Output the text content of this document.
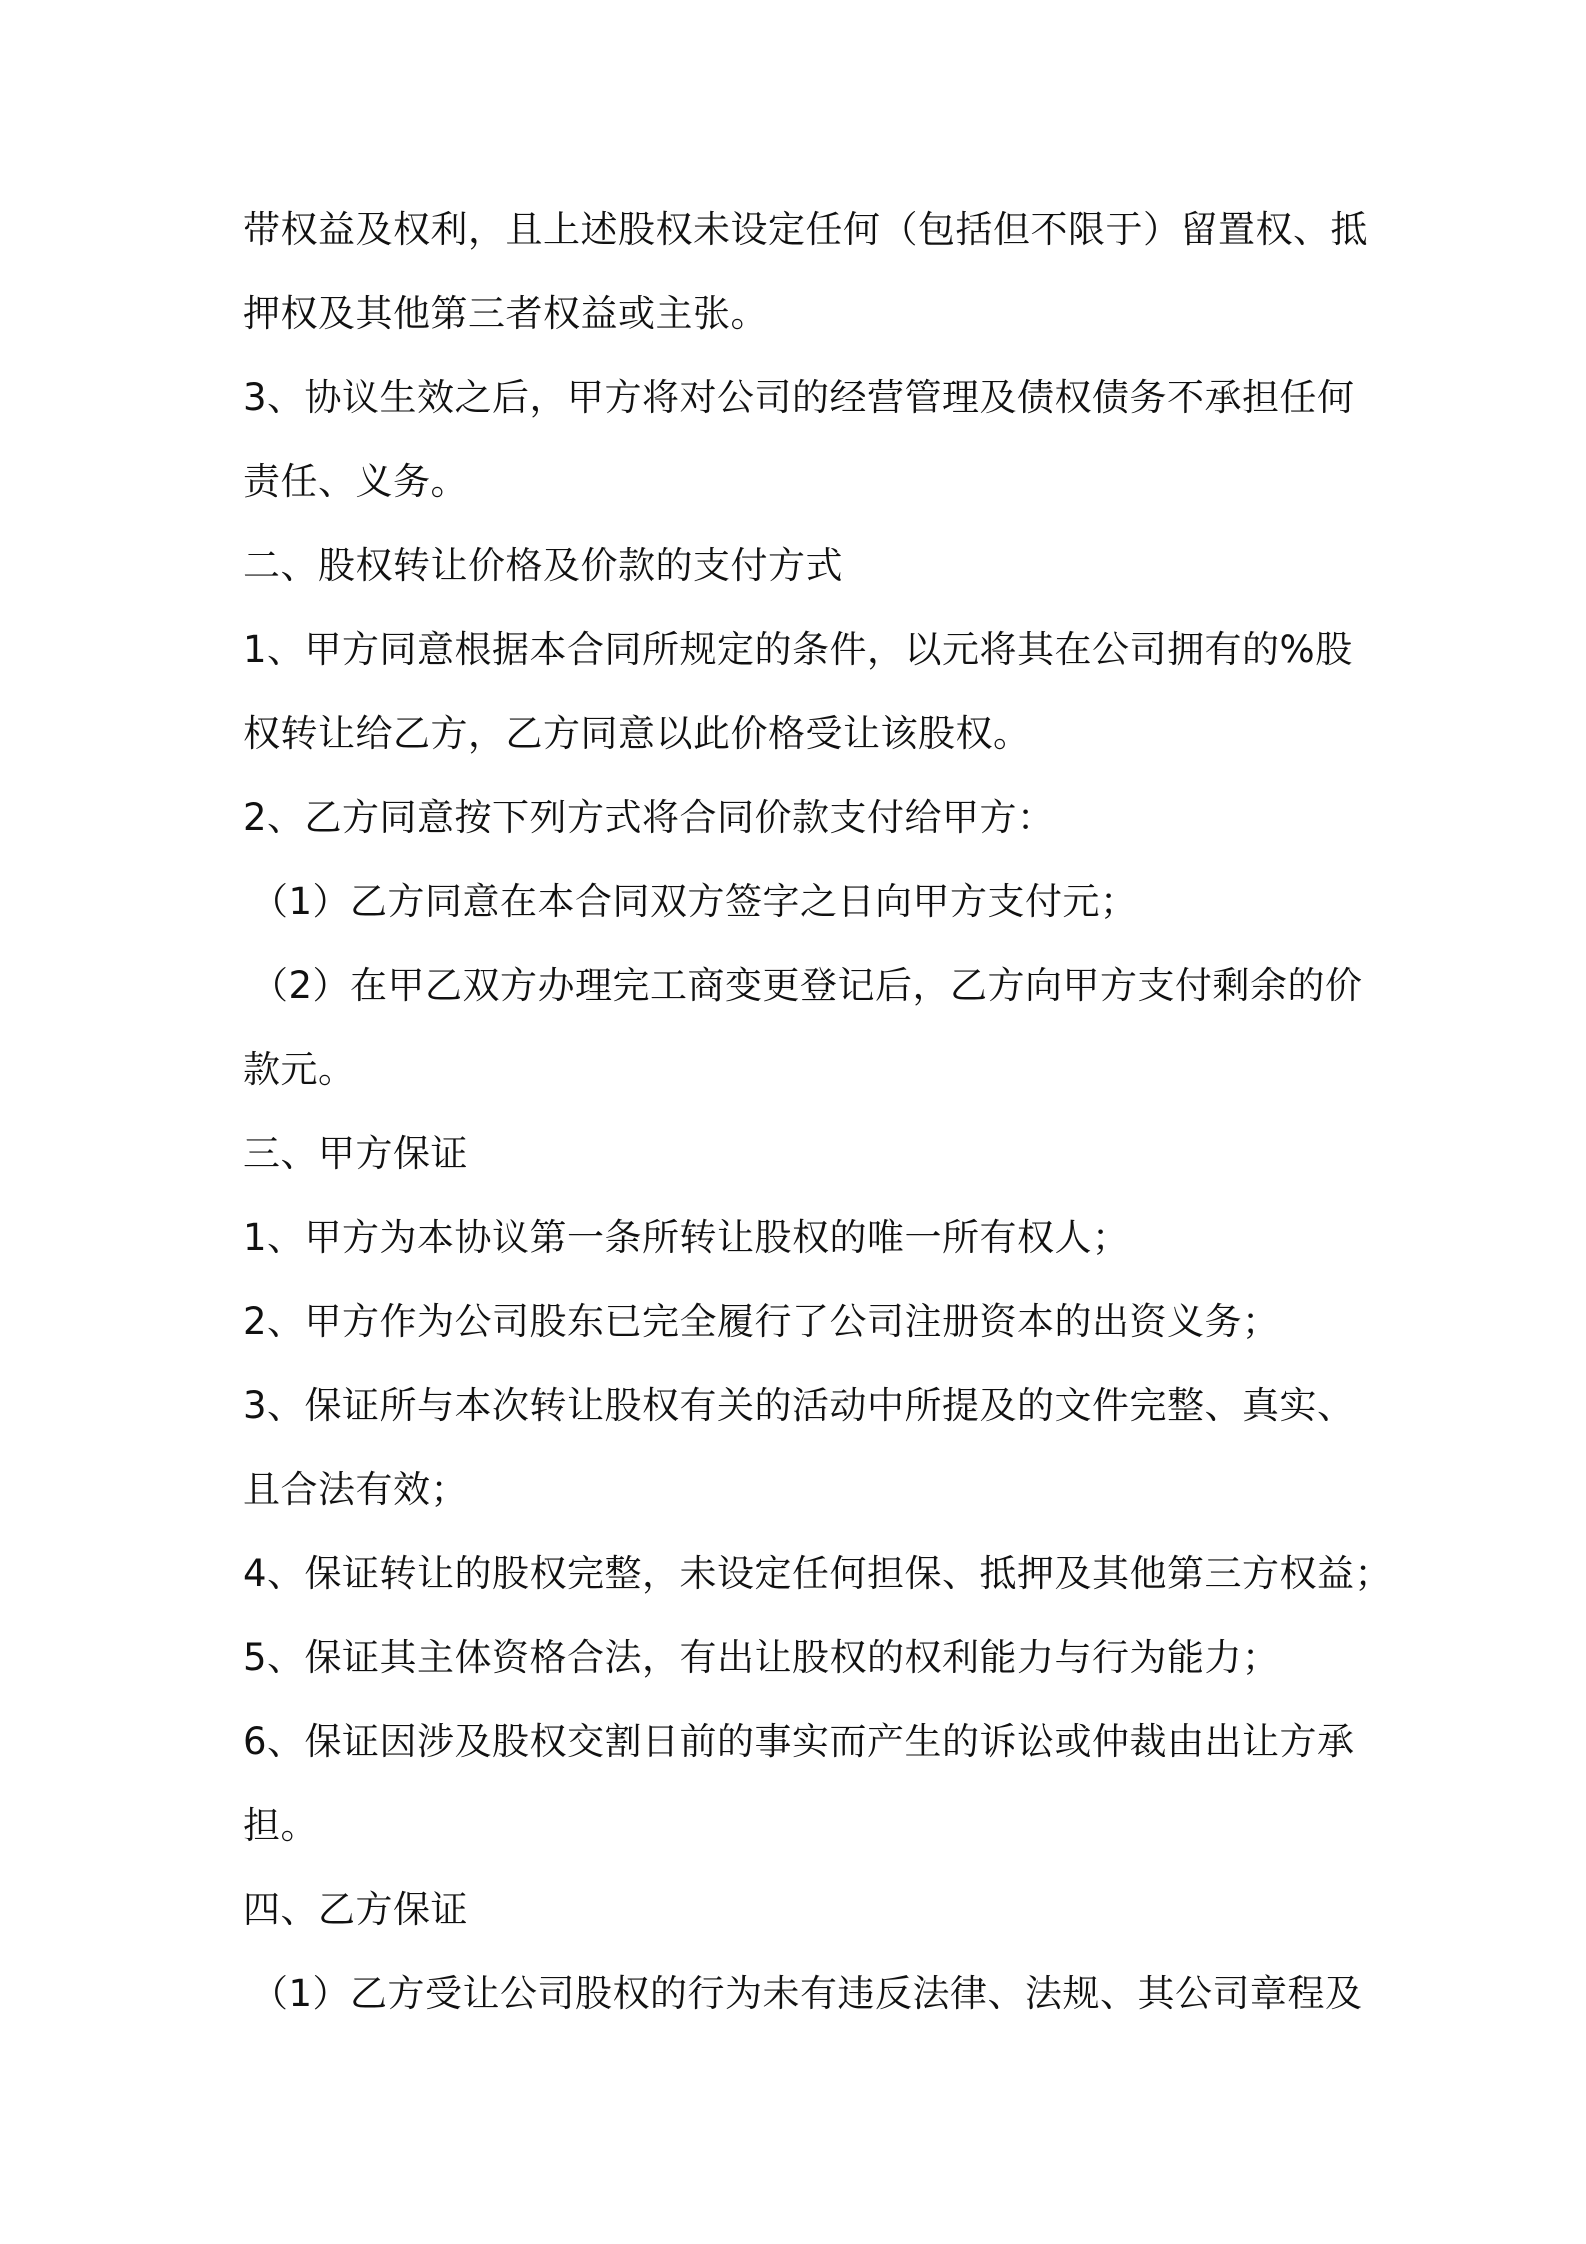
带权益及权利，且上述股权未设定任何（包括但不限于）留置权、抵
押权及其他第三者权益或主张。
3、协议生效之后，甲方将对公司的经营管理及债权债务不承担任何
责任、义务。
二、股权转让价格及价款的支付方式
1、甲方同意根据本合同所规定的条件，以元将其在公司拥有的%股
权转让给乙方，乙方同意以此价格受让该股权。
2、乙方同意按下列方式将合同价款支付给甲方：
（1）乙方同意在本合同双方签字之日向甲方支付元；
（2）在甲乙双方办理完工商变更登记后，乙方向甲方支付剩余的价
款元。
三、甲方保证
1、甲方为本协议第一条所转让股权的唯一所有权人；
2、甲方作为公司股东已完全履行了公司注册资本的出资义务；
3、保证所与本次转让股权有关的活动中所提及的文件完整、真实、
且合法有效；
4、保证转让的股权完整，未设定任何担保、抵押及其他第三方权益；
5、保证其主体资格合法，有出让股权的权利能力与行为能力；
6、保证因涉及股权交割日前的事实而产生的诉讼或仲裁由出让方承
担。
四、乙方保证
（1）乙方受让公司股权的行为未有违反法律、法规、其公司章程及
